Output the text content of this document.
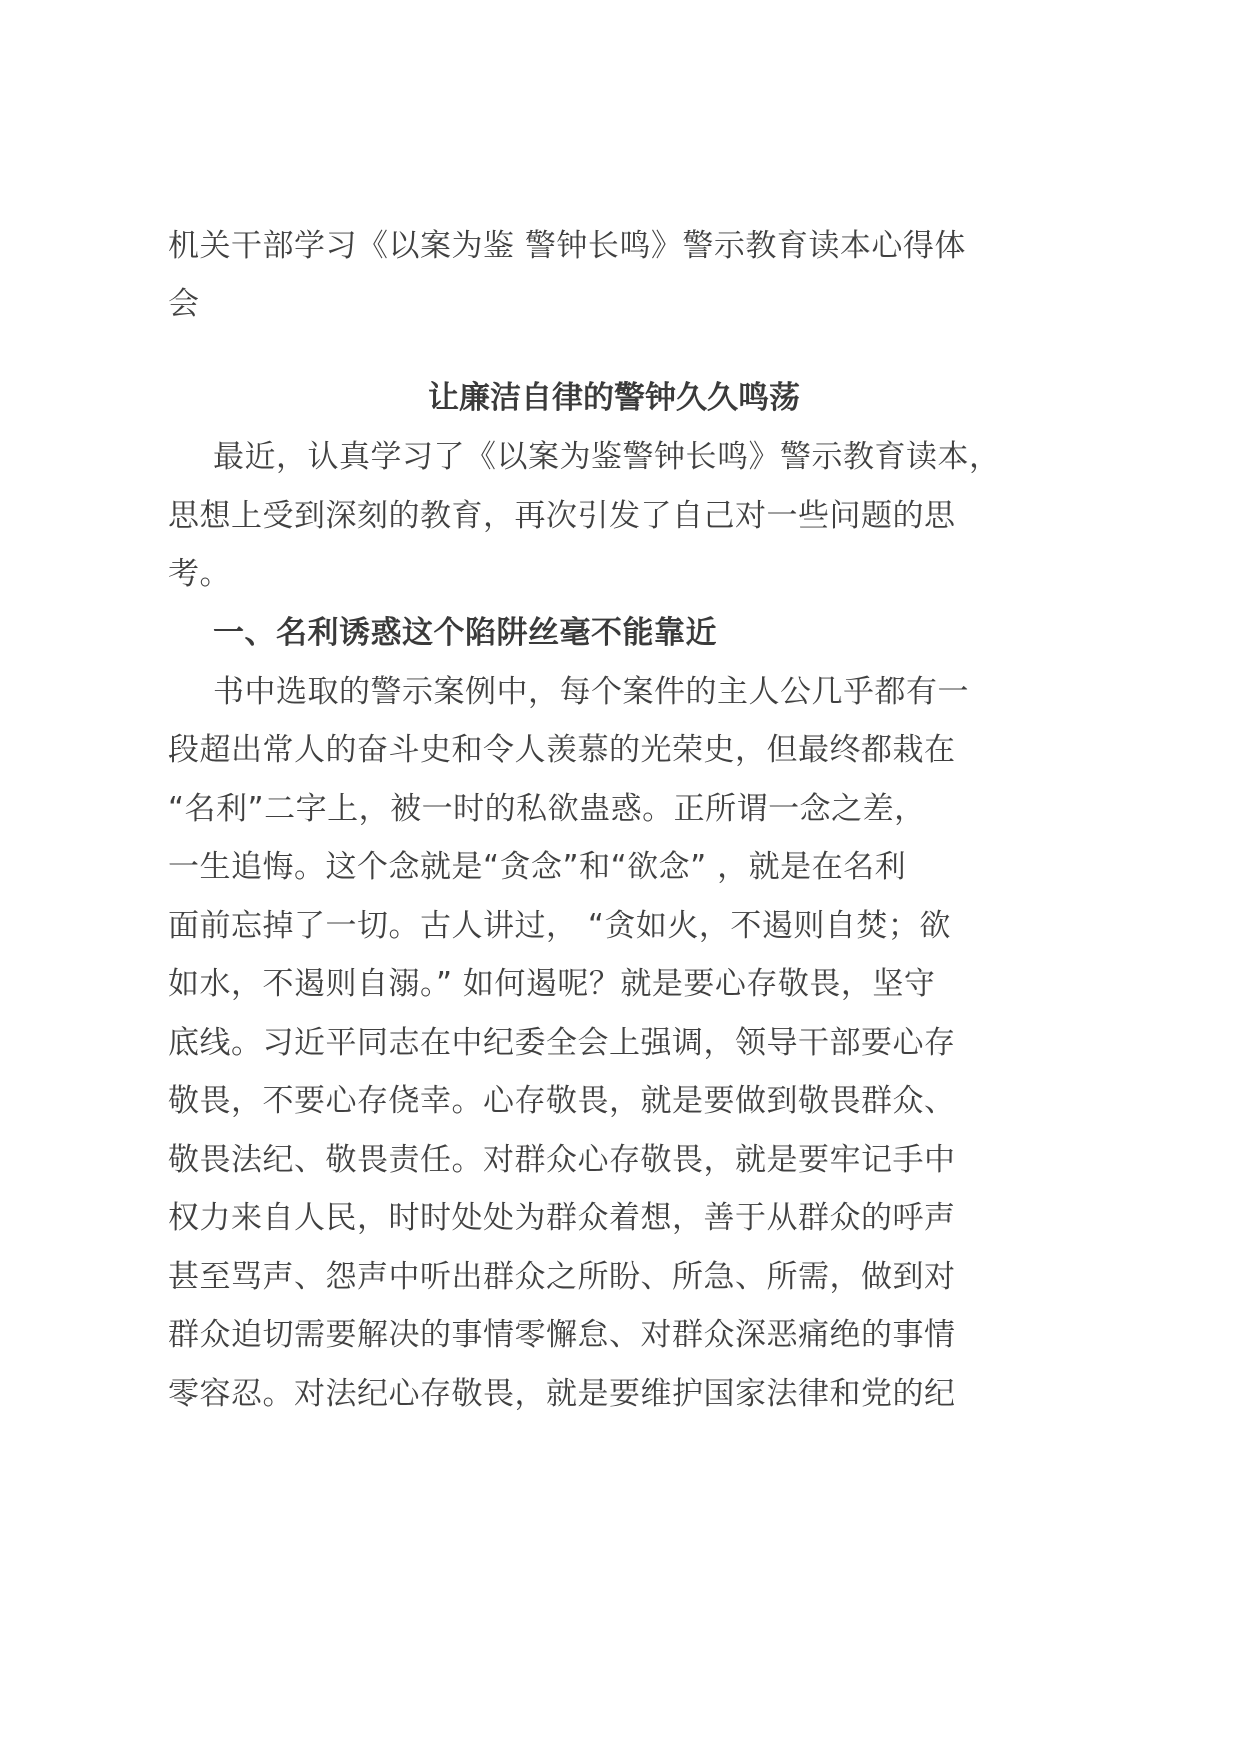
机关干部学习《以案为鉴 警钟长鸣》警示教育读本心得体
会
让廉洁自律的警钟久久鸣荡
最近，认真学习了《以案为鉴警钟长鸣》警示教育读本，
思想上受到深刻的教育，再次引发了自己对一些问题的思
考。
一、名利诱惑这个陷阱丝毫不能靠近
书中选取的警示案例中，每个案件的主人公几乎都有一
段超出常人的奋斗史和令人羡慕的光荣史，但最终都栽在
“名利”二字上，被一时的私欲蛊惑。正所谓一念之差，
一生追悔。这个念就是“贪念”和“欲念” ，就是在名利
面前忘掉了一切。古人讲过， “贪如火，不遏则自焚；欲
如水，不遏则自溺。” 如何遏呢？就是要心存敬畏，坚守
底线。习近平同志在中纪委全会上强调，领导干部要心存
敬畏，不要心存侥幸。心存敬畏，就是要做到敬畏群众、
敬畏法纪、敬畏责任。对群众心存敬畏，就是要牢记手中
权力来自人民，时时处处为群众着想，善于从群众的呼声
甚至骂声、怨声中听出群众之所盼、所急、所需，做到对
群众迫切需要解决的事情零懈怠、对群众深恶痛绝的事情
零容忍。对法纪心存敬畏，就是要维护国家法律和党的纪
